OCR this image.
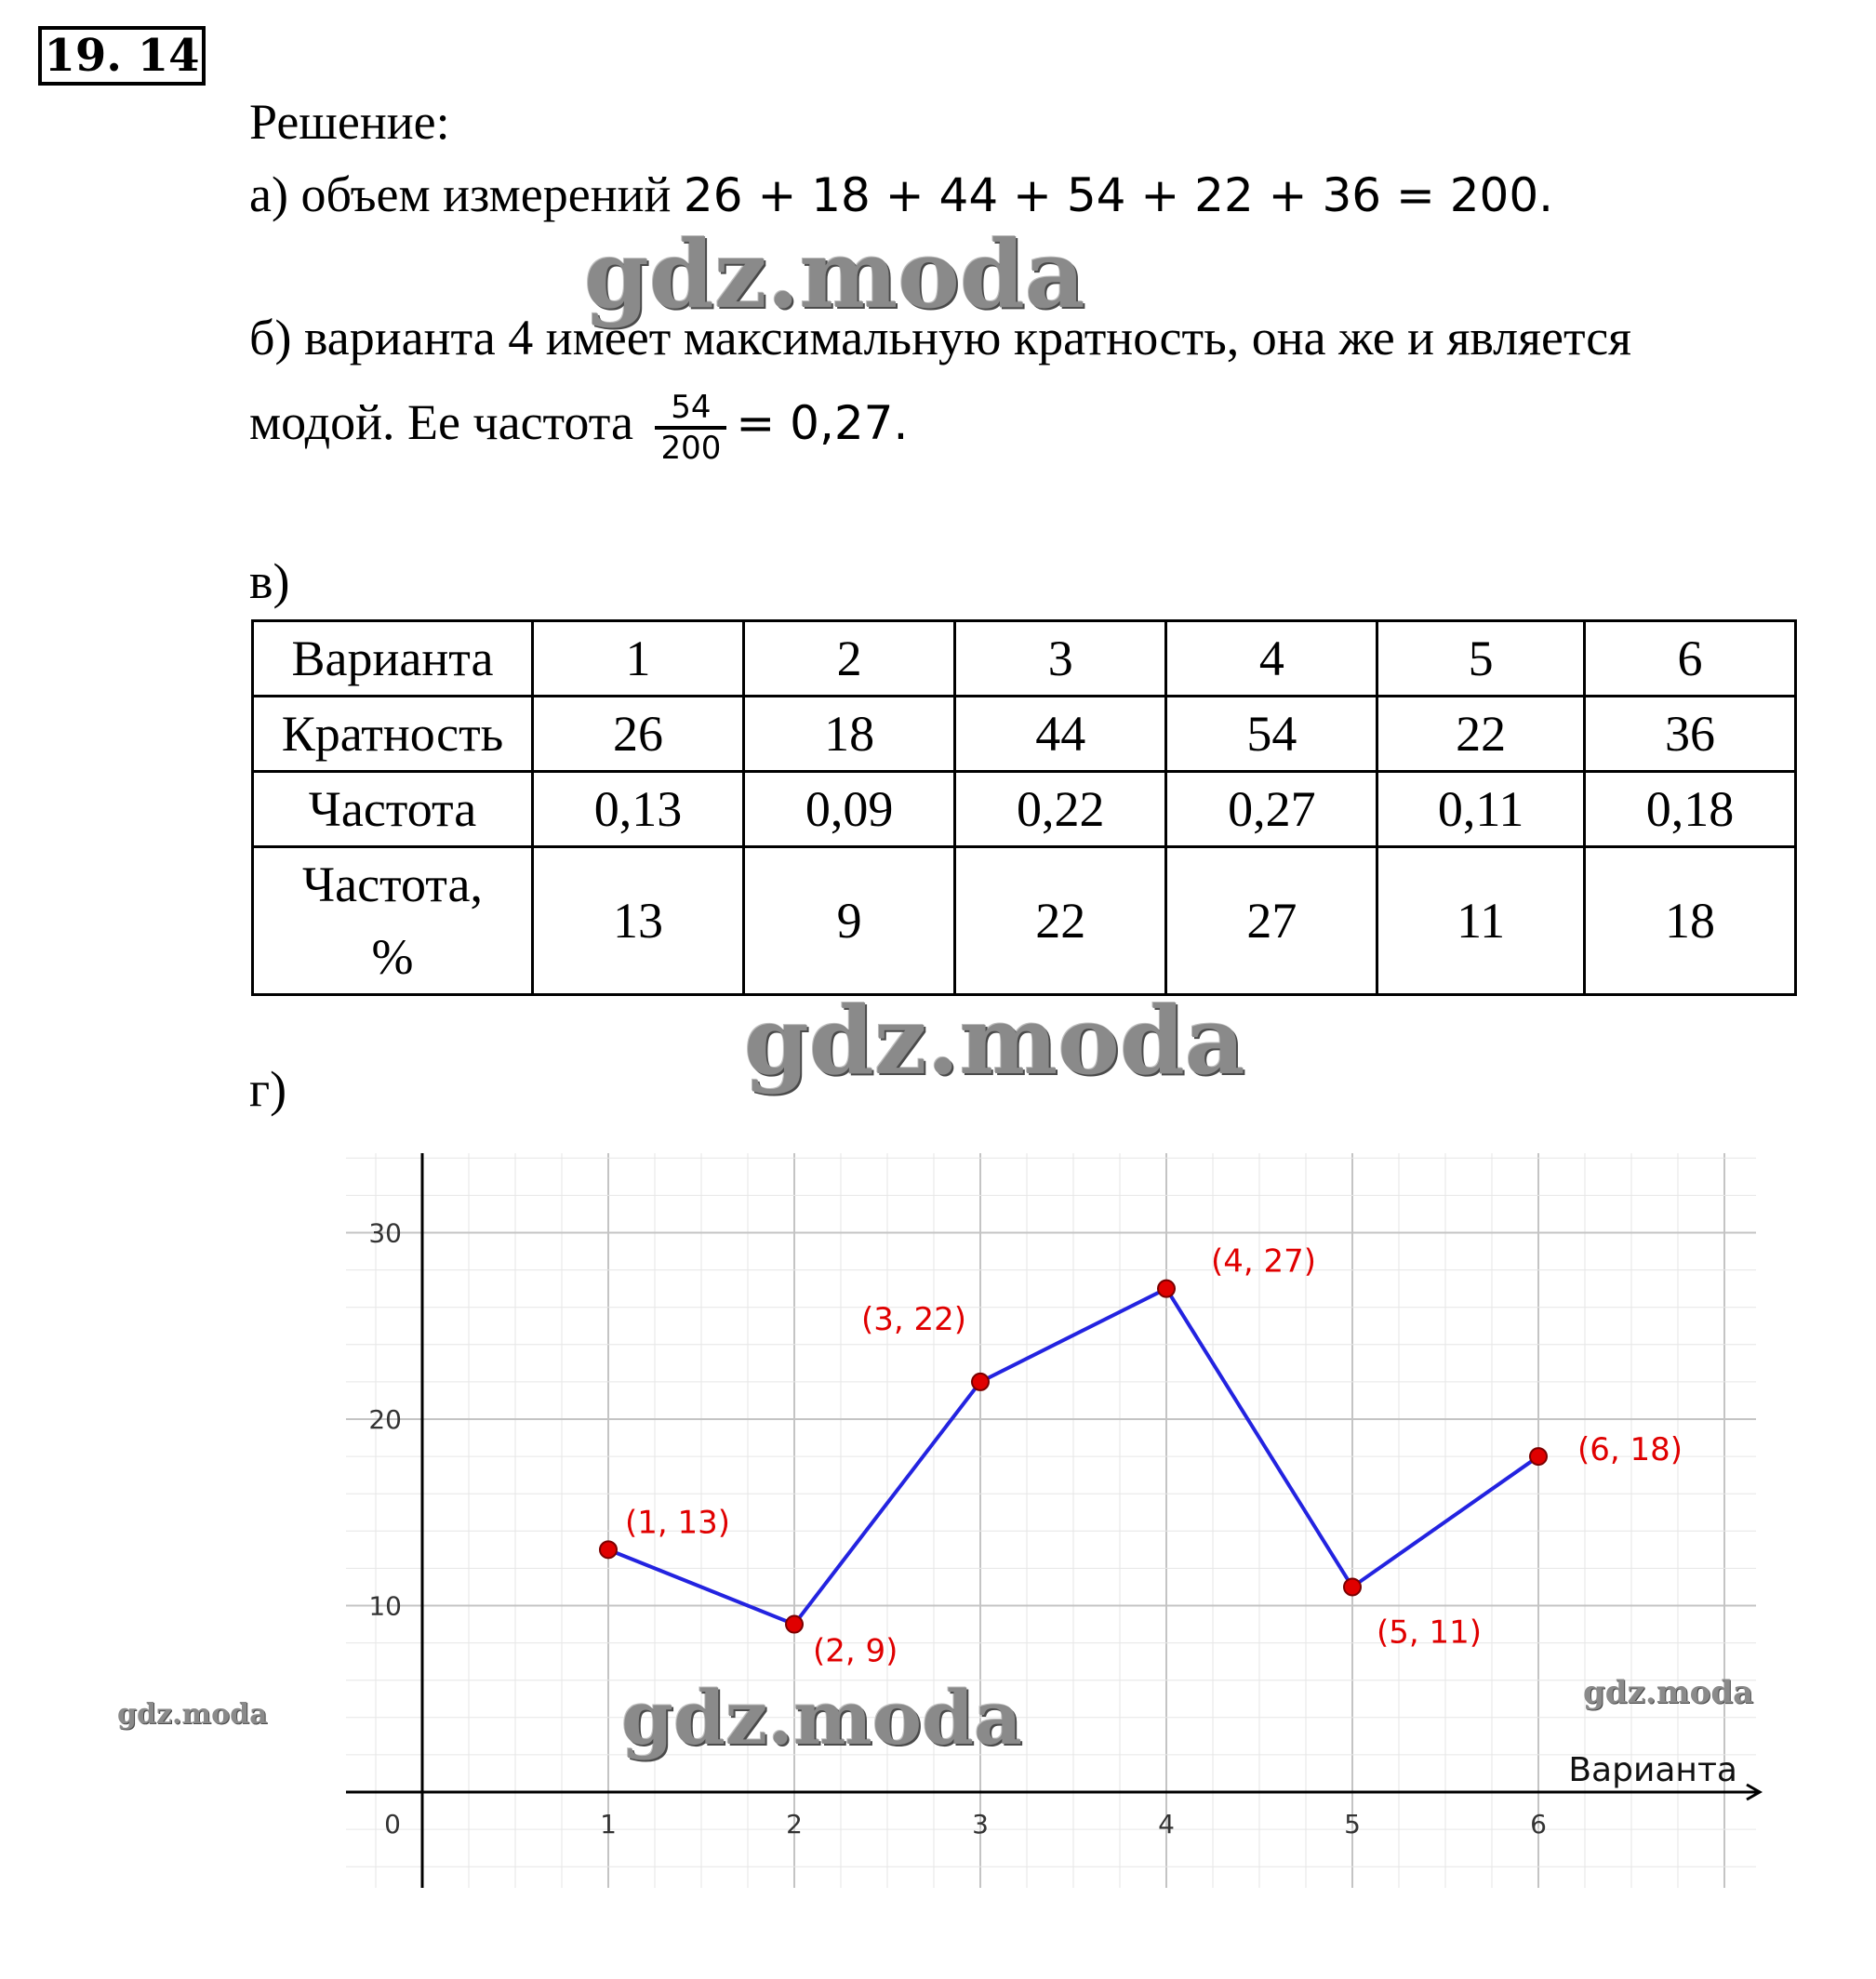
19. 14
Решение:
а) объем измерений 26 + 18 + 44 + 54 + 22 + 36 = 200.
б) варианта 4 имеет максимальную кратность, она же и является
модой. Ее частота $\frac{54}{200} = 0,27$.
в)
Варианта	1	2	3	4	5	6
Кратность	26	18	44	54	22	36
Частота	0,13	0,09	0,22	0,27	0,11	0,18
Частота,
%	13	9	22	27	11	18
г)
0	1	2	3	4	5	6
10
20
30
Варианта
(1, 13)
(2, 9)
(3, 22)
(4, 27)
(5, 11)
(6, 18)
gdz.moda
gdz.moda
gdz.moda
gdz.moda
gdz.moda
